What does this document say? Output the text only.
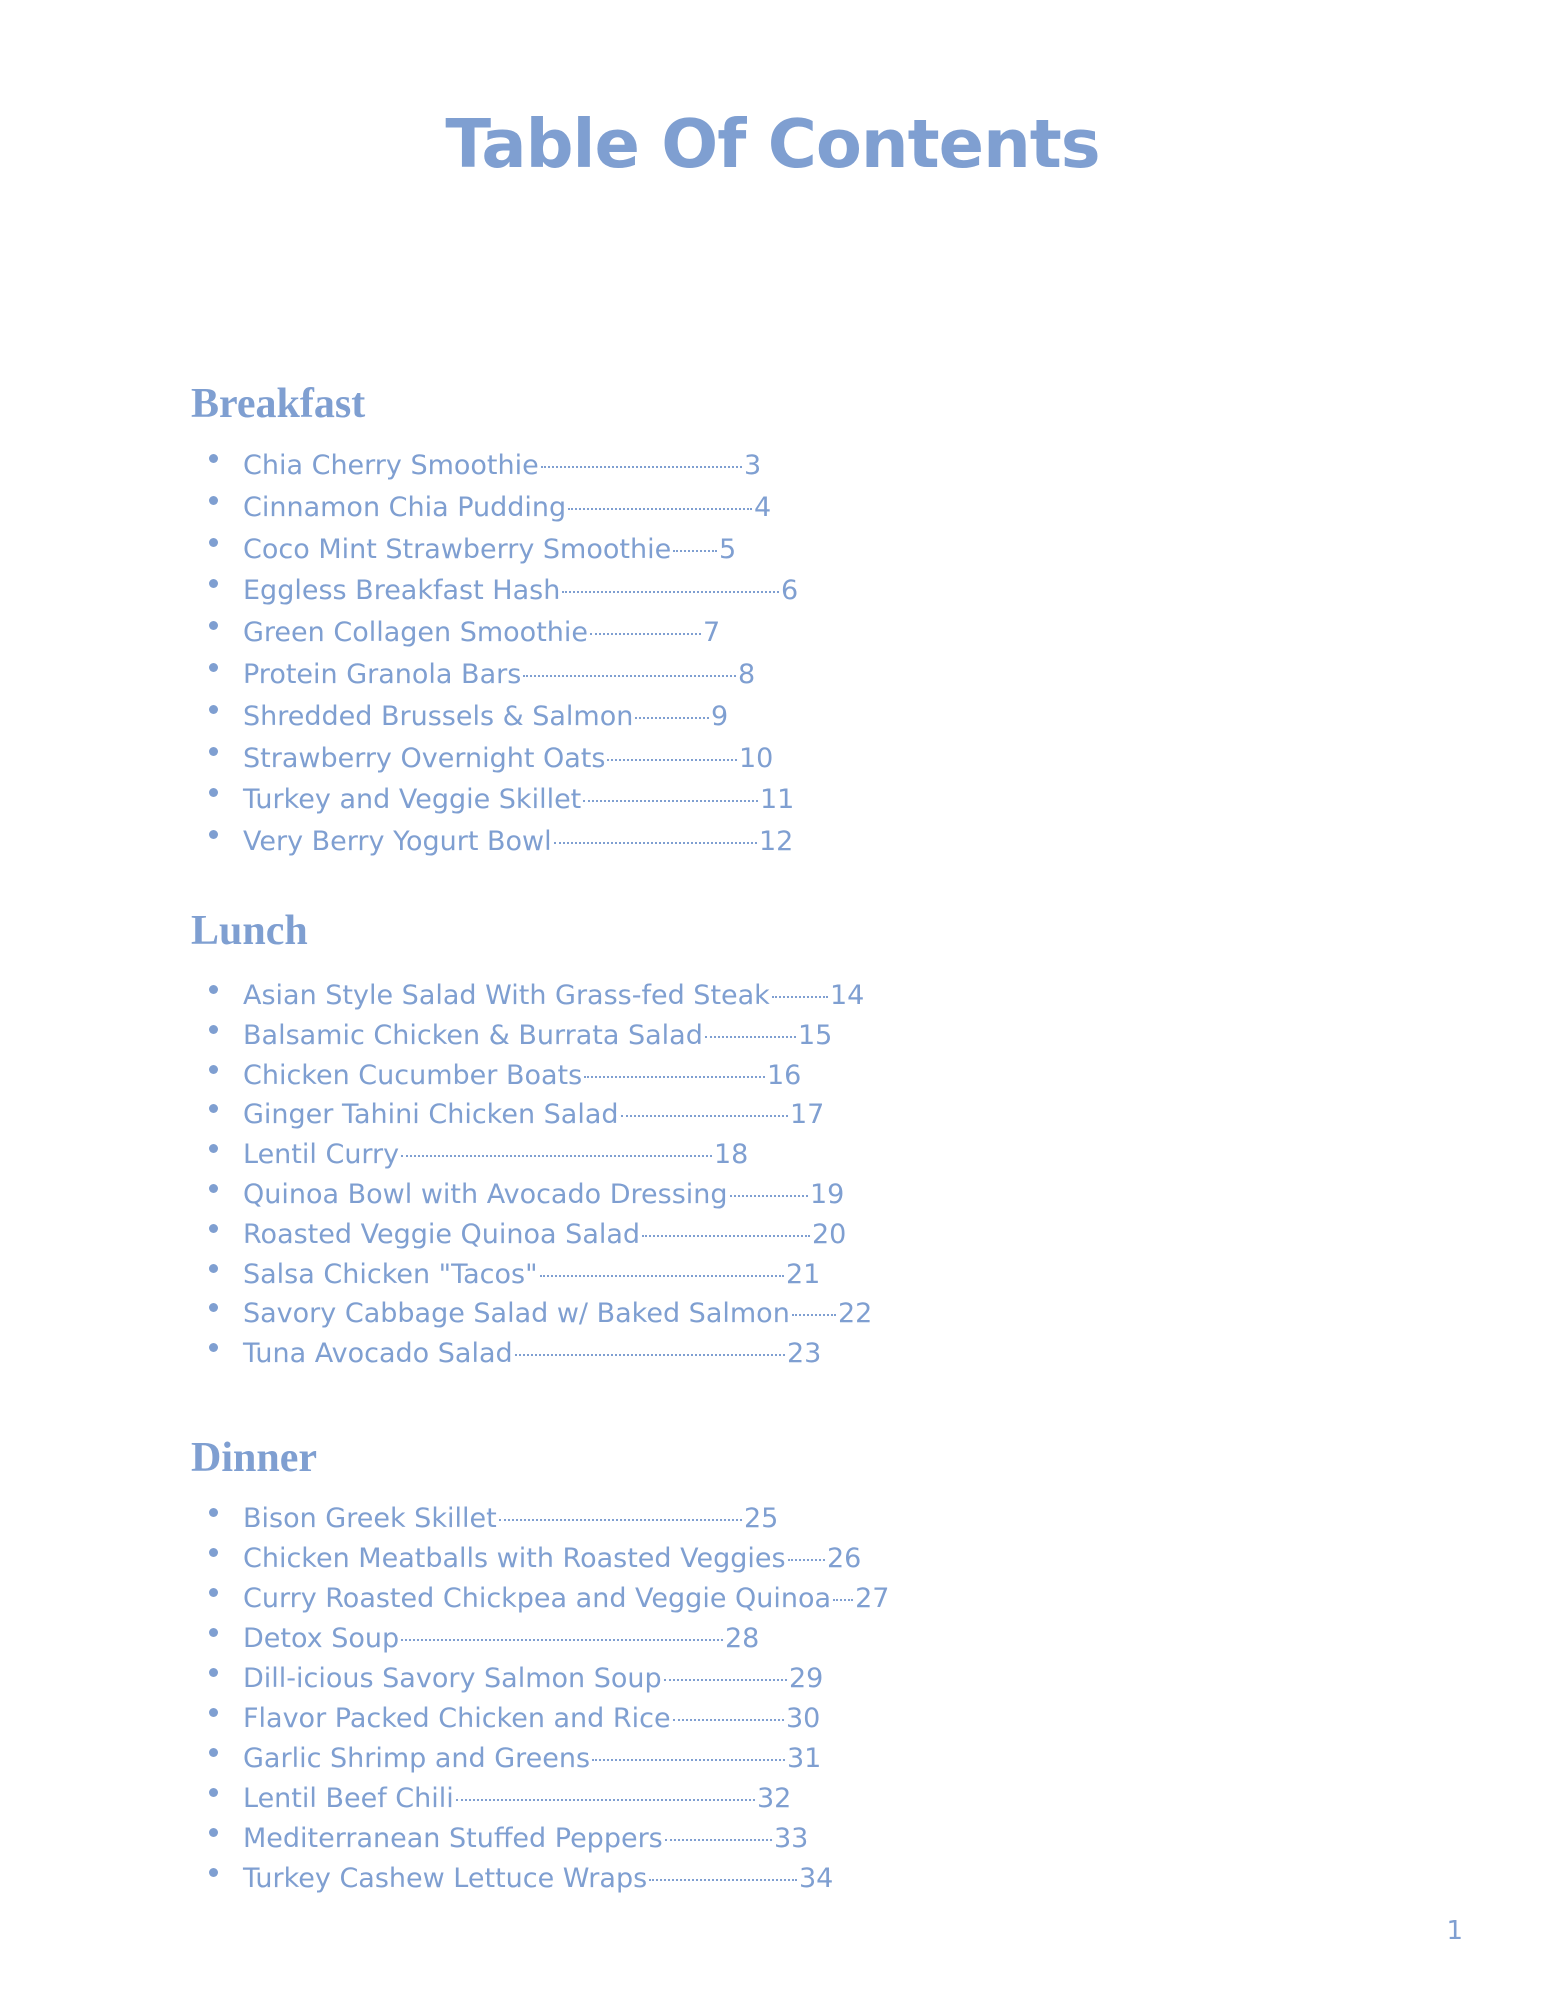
Table Of Contents
Breakfast
Chia Cherry Smoothie	3
Cinnamon Chia Pudding	4
Coco Mint Strawberry Smoothie 5
Eggless Breakfast Hash	6
Green Collagen Smoothie	7
Protein Granola Bars	8
Shredded Brussels & Salmon	9
Strawberry Overnight Oats	10
Turkey and Veggie Skillet	11
Very Berry Yogurt Bowl	12
Lunch
Asian Style Salad With Grass-fed Steak 14
Balsamic Chicken & Burrata Salad	15
Chicken Cucumber Boats	16
Ginger Tahini Chicken Salad	17
Lentil Curry	18
Quinoa Bowl with Avocado Dressing	19
Roasted Veggie Quinoa Salad	20
Salsa Chicken "Tacos"	21
Savory Cabbage Salad w/ Baked Salmon 22
Tuna Avocado Salad	23
Dinner
Bison Greek Skillet	25
Chicken Meatballs with Roasted Veggies 26
Curry Roasted Chickpea and Veggie Quinoa 27
Detox Soup	28
Dill-icious Savory Salmon Soup	29
Flavor Packed Chicken and Rice	30
Garlic Shrimp and Greens	31
Lentil Beef Chili	32
Mediterranean Stuffed Peppers	33
Turkey Cashew Lettuce Wraps	34
1
